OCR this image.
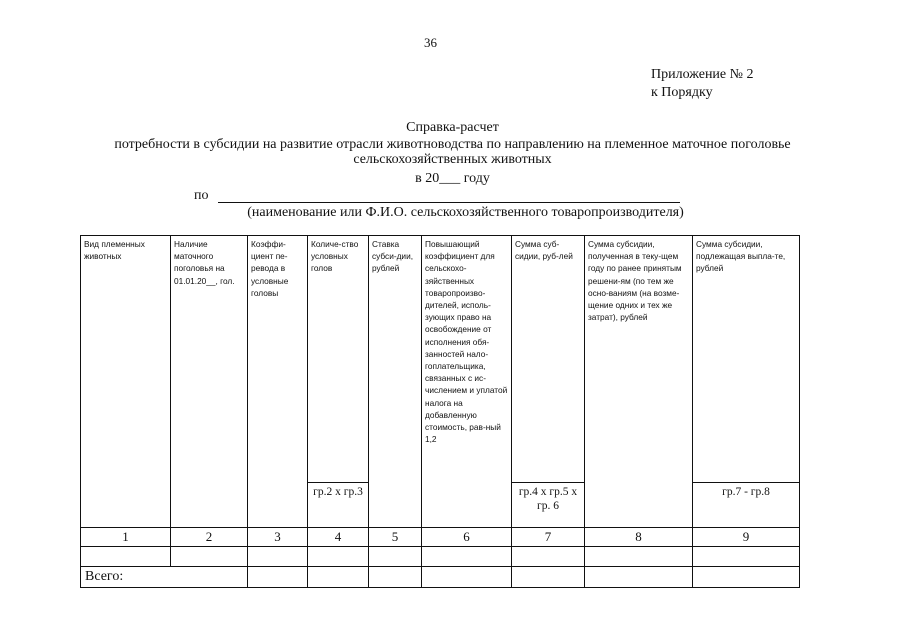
36
Приложение № 2
к Порядку
Справка-расчет
потребности в субсидии на развитие отрасли животноводства по направлению на племенное маточное поголовье
сельскохозяйственных животных
в 20___ году
по
(наименование или Ф.И.О. сельскохозяйственного товаропроизводителя)
Вид племенных животных	Наличие маточного поголовья на 01.01.20__, гол.	Коэффи-циент пе-ревода в условные головы	Количе-ство условных голов	Ставка субси-дии, рублей	Повышающий коэффициент для сельскохо-зяйственных товаропроизво-дителей, исполь-зующих право на освобождение от исполнения обя-занностей нало-гоплательщика, связанных с ис-числением и уплатой налога на добавленную стоимость, рав-ный 1,2	Сумма суб-сидии, руб-лей	Сумма субсидии, полученная в теку-щем году по ранее принятым решени-ям (по тем же осно-ваниям (на возме-щение одних и тех же затрат), рублей	Сумма субсидии, подлежащая выпла-те, рублей
			гр.2 х гр.3			гр.4 х гр.5 х гр. 6		гр.7 - гр.8
1	2	3	4	5	6	7	8	9

Всего:								
